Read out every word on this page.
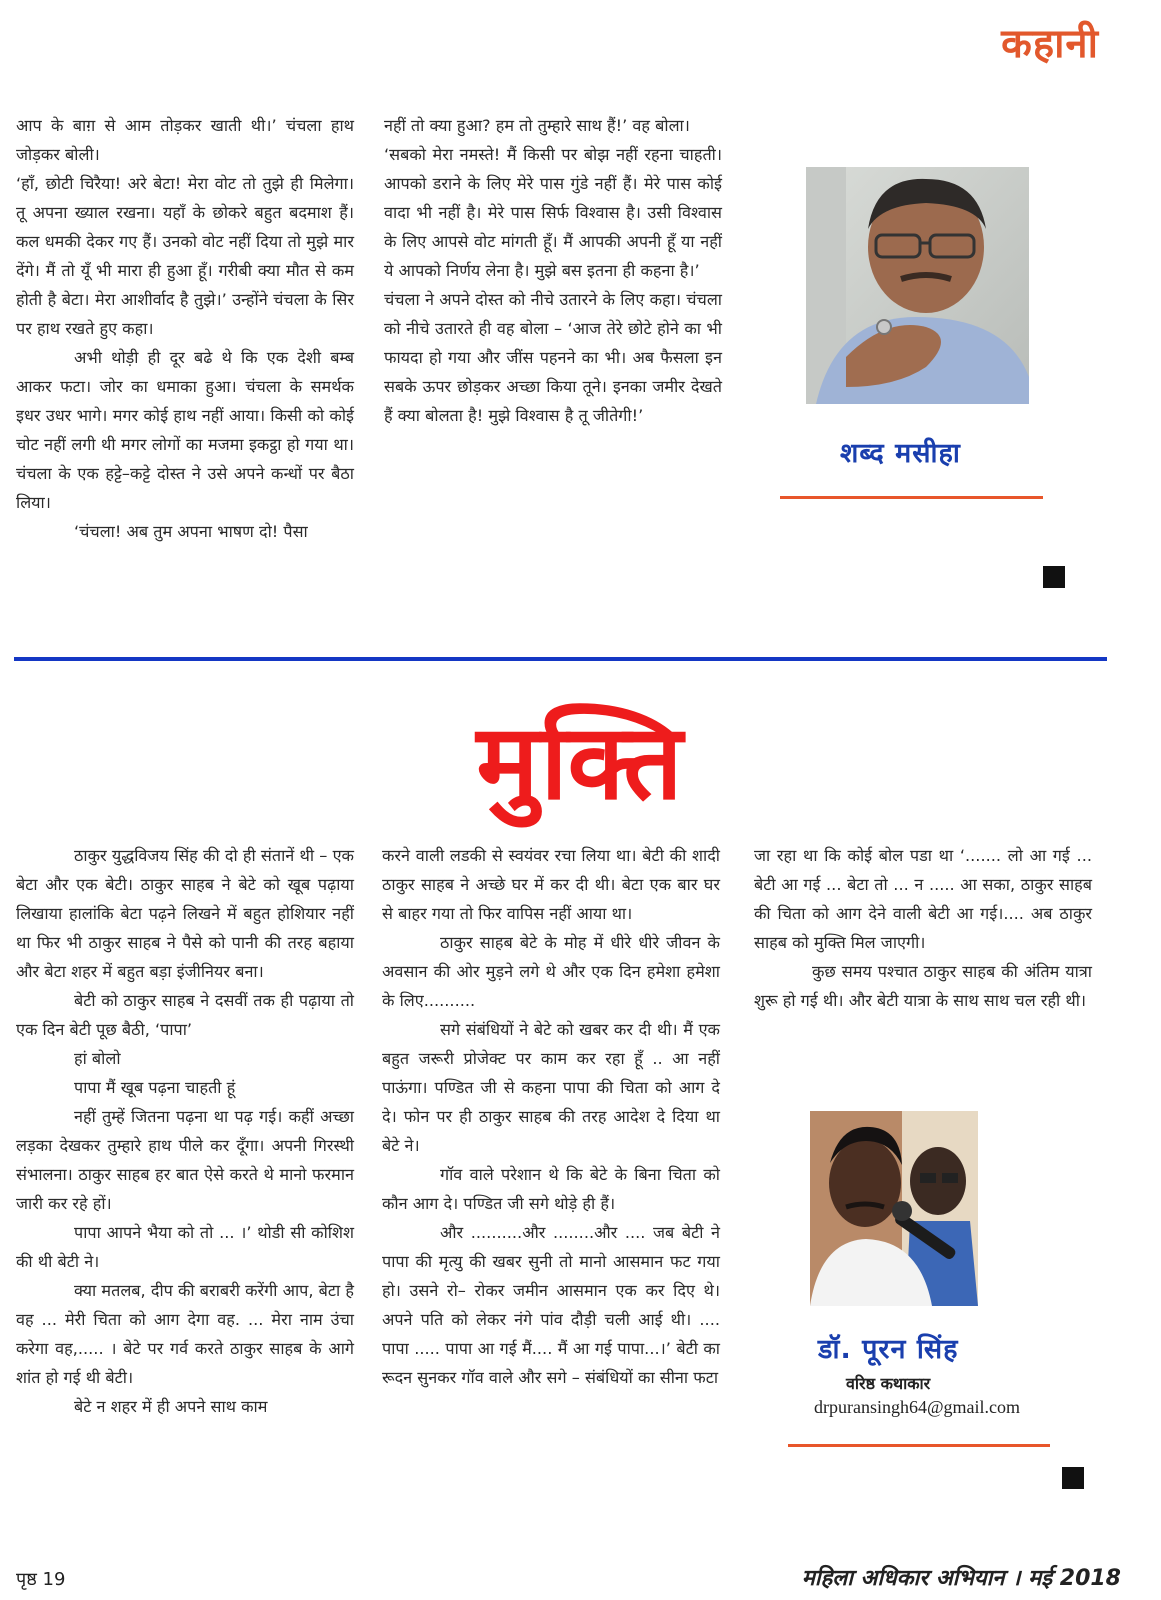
कहानी

आप के बाग़ से आम तोड़कर खाती थी।’ चंचला हाथ जोड़कर बोली।

‘हाँ, छोटी चिरैया! अरे बेटा! मेरा वोट तो तुझे ही मिलेगा। तू अपना ख्याल रखना। यहाँ के छोकरे बहुत बदमाश हैं। कल धमकी देकर गए हैं। उनको वोट नहीं दिया तो मुझे मार देंगे। मैं तो यूँ भी मारा ही हुआ हूँ। गरीबी क्या मौत से कम होती है बेटा। मेरा आशीर्वाद है तुझे।’ उन्होंने चंचला के सिर पर हाथ रखते हुए कहा।

अभी थोड़ी ही दूर बढे थे कि एक देशी बम्ब आकर फटा। जोर का धमाका हुआ। चंचला के समर्थक इधर उधर भागे। मगर कोई हाथ नहीं आया। किसी को कोई चोट नहीं लगी थी मगर लोगों का मजमा इकट्ठा हो गया था। चंचला के एक हट्टे–कट्टे दोस्त ने उसे अपने कन्धों पर बैठा लिया।

‘चंचला! अब तुम अपना भाषण दो! पैसा

नहीं तो क्या हुआ? हम तो तुम्हारे साथ हैं!’ वह बोला।

‘सबको मेरा नमस्ते! मैं किसी पर बोझ नहीं रहना चाहती। आपको डराने के लिए मेरे पास गुंडे नहीं हैं। मेरे पास कोई वादा भी नहीं है। मेरे पास सिर्फ विश्वास है। उसी विश्वास के लिए आपसे वोट मांगती हूँ। मैं आपकी अपनी हूँ या नहीं ये आपको निर्णय लेना है। मुझे बस इतना ही कहना है।’

चंचला ने अपने दोस्त को नीचे उतारने के लिए कहा। चंचला को नीचे उतारते ही वह बोला – ‘आज तेरे छोटे होने का भी फायदा हो गया और जींस पहनने का भी। अब फैसला इन सबके ऊपर छोड़कर अच्छा किया तूने। इनका जमीर देखते हैं क्या बोलता है! मुझे विश्वास है तू जीतेगी!’

शब्द मसीहा
मुक्ति

ठाकुर युद्धविजय सिंह की दो ही संतानें थी – एक बेटा और एक बेटी। ठाकुर साहब ने बेटे को खूब पढ़ाया लिखाया हालांकि बेटा पढ़ने लिखने में बहुत होशियार नहीं था फिर भी ठाकुर साहब ने पैसे को पानी की तरह बहाया और बेटा शहर में बहुत बड़ा इंजीनियर बना।

बेटी को ठाकुर साहब ने दसवीं तक ही पढ़ाया तो एक दिन बेटी पूछ बैठी, ‘पापा’

हां बोलो

पापा मैं खूब पढ़ना चाहती हूं

नहीं तुम्हें जितना पढ़ना था पढ़ गई। कहीं अच्छा लड़का देखकर तुम्हारे हाथ पीले कर दूँगा। अपनी गिरस्थी संभालना। ठाकुर साहब हर बात ऐसे करते थे मानो फरमान जारी कर रहे हों।

पापा आपने भैया को तो ... ।’ थोडी सी कोशिश की थी बेटी ने।

क्या मतलब, दीप की बराबरी करेंगी आप, बेटा है वह ... मेरी चिता को आग देगा वह. ... मेरा नाम उंचा करेगा वह,..... । बेटे पर गर्व करते ठाकुर साहब के आगे शांत हो गई थी बेटी।

बेटे न शहर में ही अपने साथ काम

करने वाली लडकी से स्वयंवर रचा लिया था। बेटी की शादी ठाकुर साहब ने अच्छे घर में कर दी थी। बेटा एक बार घर से बाहर गया तो फिर वापिस नहीं आया था।

ठाकुर साहब बेटे के मोह में धीरे धीरे जीवन के अवसान की ओर मुड़ने लगे थे और एक दिन हमेशा हमेशा के लिए..........

सगे संबंधियों ने बेटे को खबर कर दी थी। मैं एक बहुत जरूरी प्रोजेक्ट पर काम कर रहा हूँ .. आ नहीं पाऊंगा। पण्डित जी से कहना पापा की चिता को आग दे दे। फोन पर ही ठाकुर साहब की तरह आदेश दे दिया था बेटे ने।

गॉव वाले परेशान थे कि बेटे के बिना चिता को कौन आग दे। पण्डित जी सगे थोड़े ही हैं।

और ..........और ........और .... जब बेटी ने पापा की मृत्यु की खबर सुनी तो मानो आसमान फट गया हो। उसने रो– रोकर जमीन आसमान एक कर दिए थे। अपने पति को लेकर नंगे पांव दौड़ी चली आई थी। .... पापा ..... पापा आ गई मैं.... मैं आ गई पापा...।’ बेटी का रूदन सुनकर गॉव वाले और सगे – संबंधियों का सीना फटा

जा रहा था कि कोई बोल पडा था ‘....... लो आ गई ... बेटी आ गई ... बेटा तो ... न ..... आ सका, ठाकुर साहब की चिता को आग देने वाली बेटी आ गई।.... अब ठाकुर साहब को मुक्ति मिल जाएगी।

कुछ समय पश्चात ठाकुर साहब की अंतिम यात्रा शुरू हो गई थी। और बेटी यात्रा के साथ साथ चल रही थी।

डॉ. पूरन सिंह
वरिष्ठ कथाकार
drpuransingh64@gmail.com
पृष्ठ 19	महिला अधिकार अभियान । मई 2018
